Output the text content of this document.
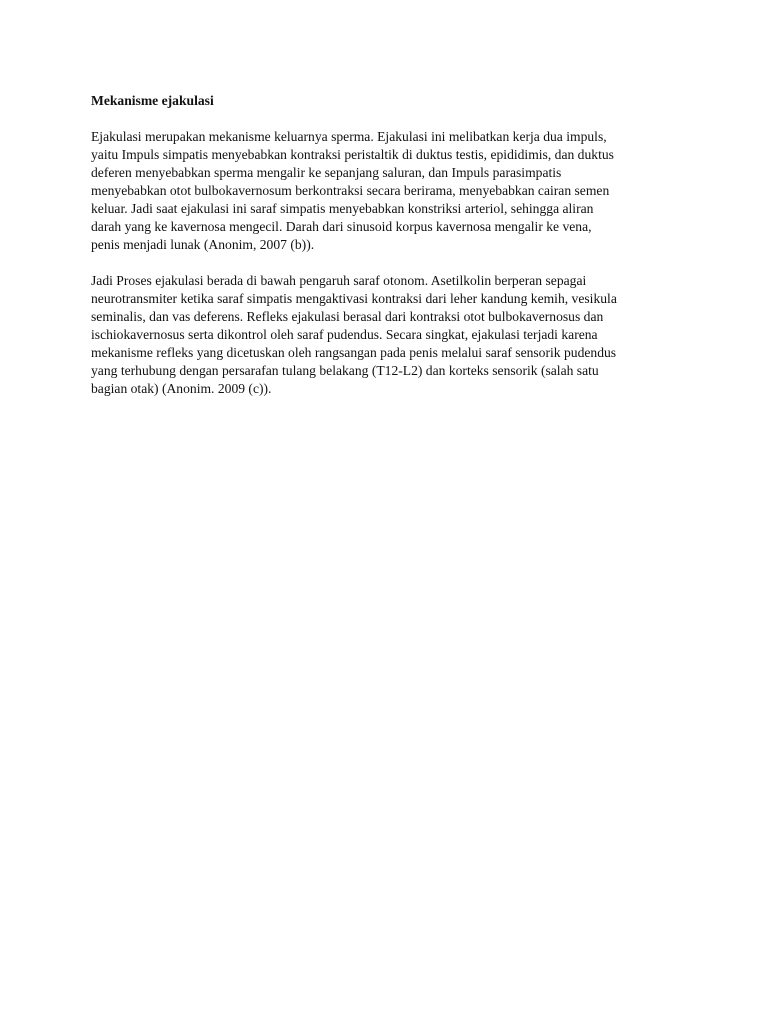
Mekanisme ejakulasi
Ejakulasi merupakan mekanisme keluarnya sperma. Ejakulasi ini melibatkan kerja dua impuls,
yaitu Impuls simpatis menyebabkan kontraksi peristaltik di duktus testis, epididimis, dan duktus
deferen menyebabkan sperma mengalir ke sepanjang saluran, dan Impuls parasimpatis
menyebabkan otot bulbokavernosum berkontraksi secara berirama, menyebabkan cairan semen
keluar. Jadi saat ejakulasi ini saraf simpatis menyebabkan konstriksi arteriol, sehingga aliran
darah yang ke kavernosa mengecil. Darah dari sinusoid korpus kavernosa mengalir ke vena,
penis menjadi lunak (Anonim, 2007 (b)).
Jadi Proses ejakulasi berada di bawah pengaruh saraf otonom. Asetilkolin berperan sepagai
neurotransmiter ketika saraf simpatis mengaktivasi kontraksi dari leher kandung kemih, vesikula
seminalis, dan vas deferens. Refleks ejakulasi berasal dari kontraksi otot bulbokavernosus dan
ischiokavernosus serta dikontrol oleh saraf pudendus. Secara singkat, ejakulasi terjadi karena
mekanisme refleks yang dicetuskan oleh rangsangan pada penis melalui saraf sensorik pudendus
yang terhubung dengan persarafan tulang belakang (T12-L2) dan korteks sensorik (salah satu
bagian otak) (Anonim. 2009 (c)).
